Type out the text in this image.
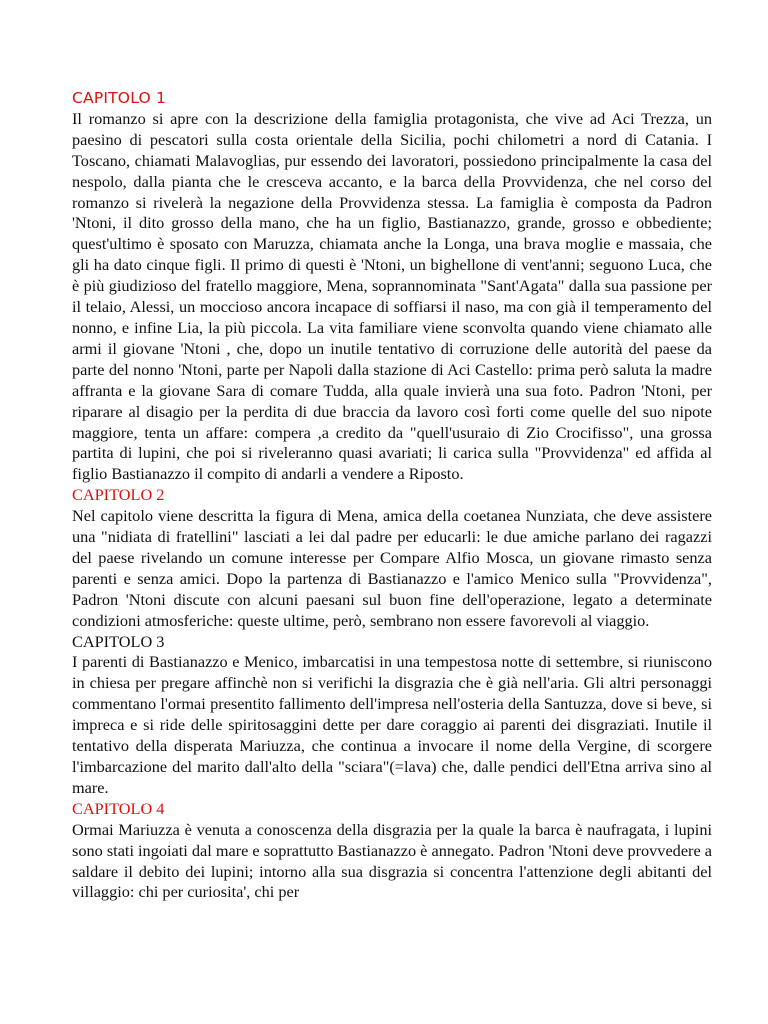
CAPITOLO 1

Il romanzo si apre con la descrizione della famiglia protagonista, che vive ad Aci Trezza, un paesino di pescatori sulla costa orientale della Sicilia, pochi chilometri a nord di Catania. I Toscano, chiamati Malavoglias, pur essendo dei lavoratori, possiedono principalmente la casa del nespolo, dalla pianta che le cresceva accanto, e la barca della Provvidenza, che nel corso del romanzo si rivelerà la negazione della Provvidenza stessa. La famiglia è composta da Padron 'Ntoni, il dito grosso della mano, che ha un figlio, Bastianazzo, grande, grosso e obbediente; quest'ultimo è sposato con Maruzza, chiamata anche la Longa, una brava moglie e massaia, che gli ha dato cinque figli. Il primo di questi è 'Ntoni, un bighellone di vent'anni; seguono Luca, che è più giudizioso del fratello maggiore, Mena, soprannominata "Sant'Agata" dalla sua passione per il telaio, Alessi, un moccioso ancora incapace di soffiarsi il naso, ma con già il temperamento del nonno, e infine Lia, la più piccola. La vita familiare viene sconvolta quando viene chiamato alle armi il giovane 'Ntoni , che, dopo un inutile tentativo di corruzione delle autorità del paese da parte del nonno 'Ntoni, parte per Napoli dalla stazione di Aci Castello: prima però saluta la madre affranta e la giovane Sara di comare Tudda, alla quale invierà una sua foto. Padron 'Ntoni, per riparare al disagio per la perdita di due braccia da lavoro così forti come quelle del suo nipote maggiore, tenta un affare: compera ,a credito da "quell'usuraio di Zio Crocifisso", una grossa partita di lupini, che poi si riveleranno quasi avariati; li carica sulla "Provvidenza" ed affida al figlio Bastianazzo il compito di andarli a vendere a Riposto.

CAPITOLO 2

Nel capitolo viene descritta la figura di Mena, amica della coetanea Nunziata, che deve assistere una "nidiata di fratellini" lasciati a lei dal padre per educarli: le due amiche parlano dei ragazzi del paese rivelando un comune interesse per Compare Alfio Mosca, un giovane rimasto senza parenti e senza amici. Dopo la partenza di Bastianazzo e l'amico Menico sulla "Provvidenza", Padron 'Ntoni discute con alcuni paesani sul buon fine dell'operazione, legato a determinate condizioni atmosferiche: queste ultime, però, sembrano non essere favorevoli al viaggio.

CAPITOLO 3

I parenti di Bastianazzo e Menico, imbarcatisi in una tempestosa notte di settembre, si riuniscono in chiesa per pregare affinchè non si verifichi la disgrazia che è già nell'aria. Gli altri personaggi commentano l'ormai presentito fallimento dell'impresa nell'osteria della Santuzza, dove si beve, si impreca e si ride delle spiritosaggini dette per dare coraggio ai parenti dei disgraziati. Inutile il tentativo della disperata Mariuzza, che continua a invocare il nome della Vergine, di scorgere l'imbarcazione del marito dall'alto della "sciara"(=lava) che, dalle pendici dell'Etna arriva sino al mare.

CAPITOLO 4

Ormai Mariuzza è venuta a conoscenza della disgrazia per la quale la barca è naufragata, i lupini sono stati ingoiati dal mare e soprattutto Bastianazzo è annegato. Padron 'Ntoni deve provvedere a saldare il debito dei lupini; intorno alla sua disgrazia si concentra l'attenzione degli abitanti del villaggio: chi per curiosita', chi per
